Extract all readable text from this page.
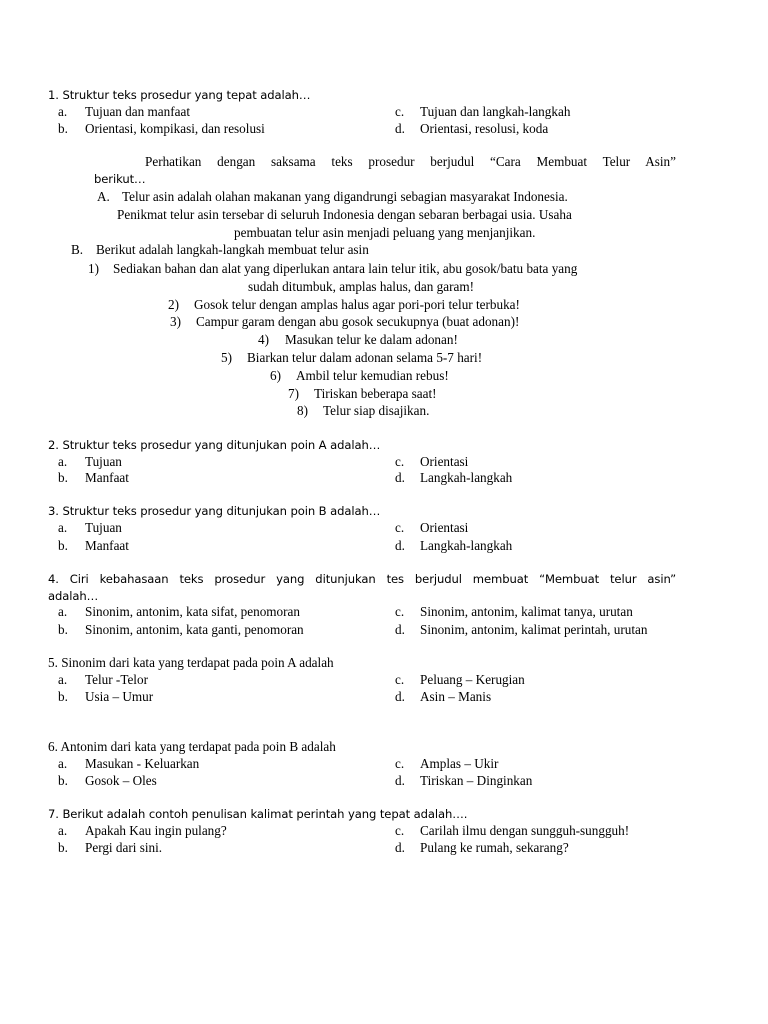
1. Struktur teks prosedur yang tepat adalah…
a. Tujuan dan manfaat	c. Tujuan dan langkah-langkah
b. Orientasi, kompikasi, dan resolusi	d. Orientasi, resolusi, koda
Perhatikan dengan saksama teks prosedur berjudul “Cara Membuat Telur Asin”
berikut…
A. Telur asin adalah olahan makanan yang digandrungi sebagian masyarakat Indonesia.
Penikmat telur asin tersebar di seluruh Indonesia dengan sebaran berbagai usia. Usaha
pembuatan telur asin menjadi peluang yang menjanjikan.
B. Berikut adalah langkah-langkah membuat telur asin
1) Sediakan bahan dan alat yang diperlukan antara lain telur itik, abu gosok/batu bata yang
sudah ditumbuk, amplas halus, dan garam!
2) Gosok telur dengan amplas halus agar pori-pori telur terbuka!
3) Campur garam dengan abu gosok secukupnya (buat adonan)!
4) Masukan telur ke dalam adonan!
5) Biarkan telur dalam adonan selama 5-7 hari!
6) Ambil telur kemudian rebus!
7) Tiriskan beberapa saat!
8) Telur siap disajikan.
2. Struktur teks prosedur yang ditunjukan poin A adalah…
a. Tujuan	c. Orientasi
b. Manfaat	d. Langkah-langkah
3. Struktur teks prosedur yang ditunjukan poin B adalah…
a. Tujuan	c. Orientasi
b. Manfaat	d. Langkah-langkah
4. Ciri kebahasaan teks prosedur yang ditunjukan tes berjudul membuat “Membuat telur asin”
adalah…
a. Sinonim, antonim, kata sifat, penomoran	c. Sinonim, antonim, kalimat tanya, urutan
b. Sinonim, antonim, kata ganti, penomoran	d. Sinonim, antonim, kalimat perintah, urutan
5. Sinonim dari kata yang terdapat pada poin A adalah
a. Telur -Telor	c. Peluang – Kerugian
b. Usia – Umur	d. Asin – Manis
6. Antonim dari kata yang terdapat pada poin B adalah
a. Masukan - Keluarkan	c. Amplas – Ukir
b. Gosok – Oles	d. Tiriskan – Dinginkan
7. Berikut adalah contoh penulisan kalimat perintah yang tepat adalah….
a. Apakah Kau ingin pulang?	c. Carilah ilmu dengan sungguh-sungguh!
b. Pergi dari sini.	d. Pulang ke rumah, sekarang?
